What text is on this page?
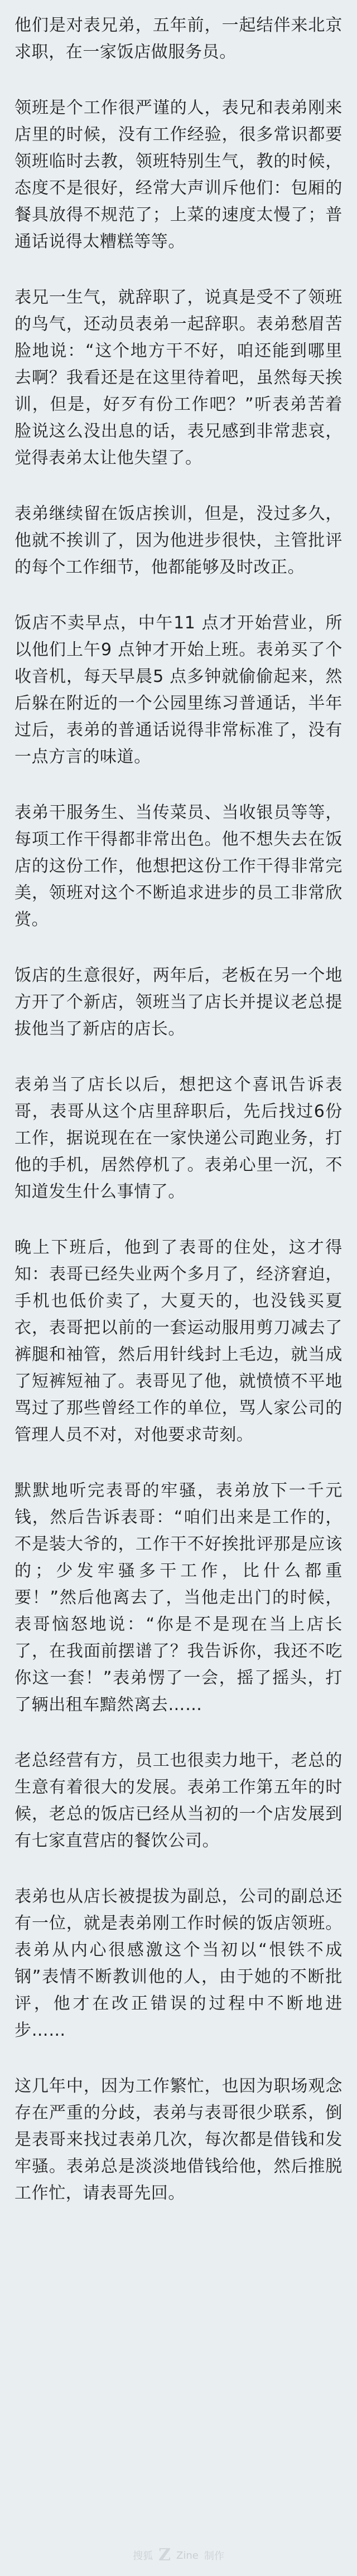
他们是对表兄弟，五年前，一起结伴来北京求职，在一家饭店做服务员。

领班是个工作很严谨的人，表兄和表弟刚来店里的时候，没有工作经验，很多常识都要领班临时去教，领班特别生气，教的时候，态度不是很好，经常大声训斥他们：包厢的餐具放得不规范了；上菜的速度太慢了；普通话说得太糟糕等等。

表兄一生气，就辞职了，说真是受不了领班的鸟气，还动员表弟一起辞职。表弟愁眉苦脸地说：“这个地方干不好，咱还能到哪里去啊？我看还是在这里待着吧，虽然每天挨训，但是，好歹有份工作吧？”听表弟苦着脸说这么没出息的话，表兄感到非常悲哀，觉得表弟太让他失望了。

表弟继续留在饭店挨训，但是，没过多久，他就不挨训了，因为他进步很快，主管批评的每个工作细节，他都能够及时改正。

饭店不卖早点，中午11 点才开始营业，所以他们上午9 点钟才开始上班。表弟买了个收音机，每天早晨5 点多钟就偷偷起来，然后躲在附近的一个公园里练习普通话，半年过后，表弟的普通话说得非常标准了，没有一点方言的味道。

表弟干服务生、当传菜员、当收银员等等，每项工作干得都非常出色。他不想失去在饭店的这份工作，他想把这份工作干得非常完美，领班对这个不断追求进步的员工非常欣赏。

饭店的生意很好，两年后，老板在另一个地方开了个新店，领班当了店长并提议老总提拔他当了新店的店长。

表弟当了店长以后，想把这个喜讯告诉表哥，表哥从这个店里辞职后，先后找过6份工作，据说现在在一家快递公司跑业务，打他的手机，居然停机了。表弟心里一沉，不知道发生什么事情了。

晚上下班后，他到了表哥的住处，这才得知：表哥已经失业两个多月了，经济窘迫，手机也低价卖了，大夏天的，也没钱买夏衣，表哥把以前的一套运动服用剪刀减去了裤腿和袖管，然后用针线封上毛边，就当成了短裤短袖了。表哥见了他，就愤愤不平地骂过了那些曾经工作的单位，骂人家公司的管理人员不对，对他要求苛刻。

默默地听完表哥的牢骚，表弟放下一千元钱，然后告诉表哥：“咱们出来是工作的，不是装大爷的，工作干不好挨批评那是应该的；少发牢骚多干工作，比什么都重要！”然后他离去了，当他走出门的时候，表哥恼怒地说：“你是不是现在当上店长了，在我面前摆谱了？我告诉你，我还不吃你这一套！”表弟愣了一会，摇了摇头，打了辆出租车黯然离去……

老总经营有方，员工也很卖力地干，老总的生意有着很大的发展。表弟工作第五年的时候，老总的饭店已经从当初的一个店发展到有七家直营店的餐饮公司。

表弟也从店长被提拔为副总，公司的副总还有一位，就是表弟刚工作时候的饭店领班。表弟从内心很感激这个当初以“恨铁不成钢”表情不断教训他的人，由于她的不断批评，他才在改正错误的过程中不断地进步……

这几年中，因为工作繁忙，也因为职场观念存在严重的分歧，表弟与表哥很少联系，倒是表哥来找过表弟几次，每次都是借钱和发牢骚。表弟总是淡淡地借钱给他，然后推脱工作忙，请表哥先回。

搜狐 Z Zine 制作
